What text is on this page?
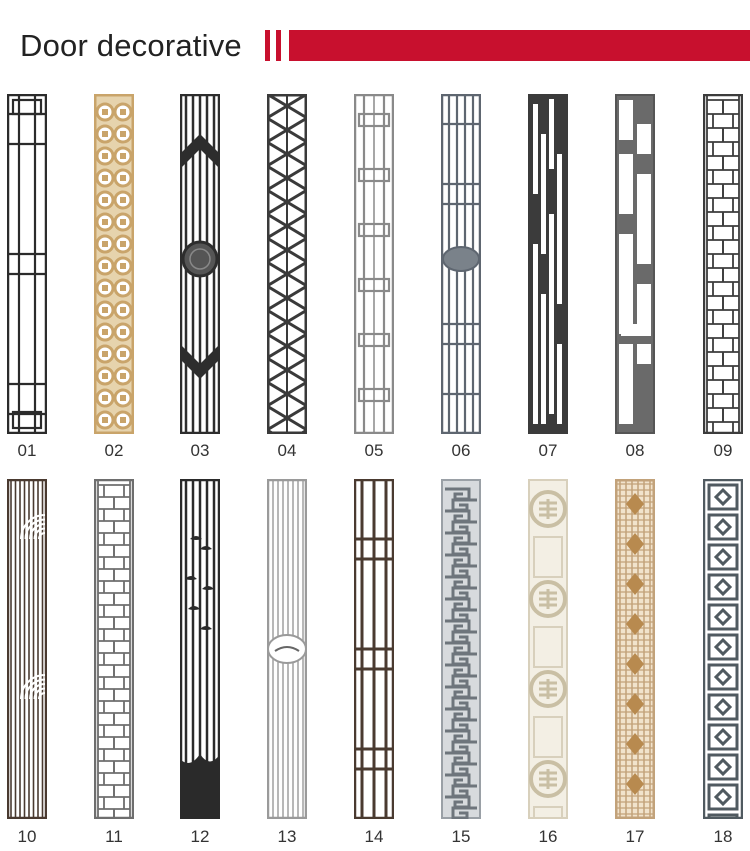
Door decorative
01	02	03	04	05	06	07	08	09
10	11	12	13	14	15	16	17	18
